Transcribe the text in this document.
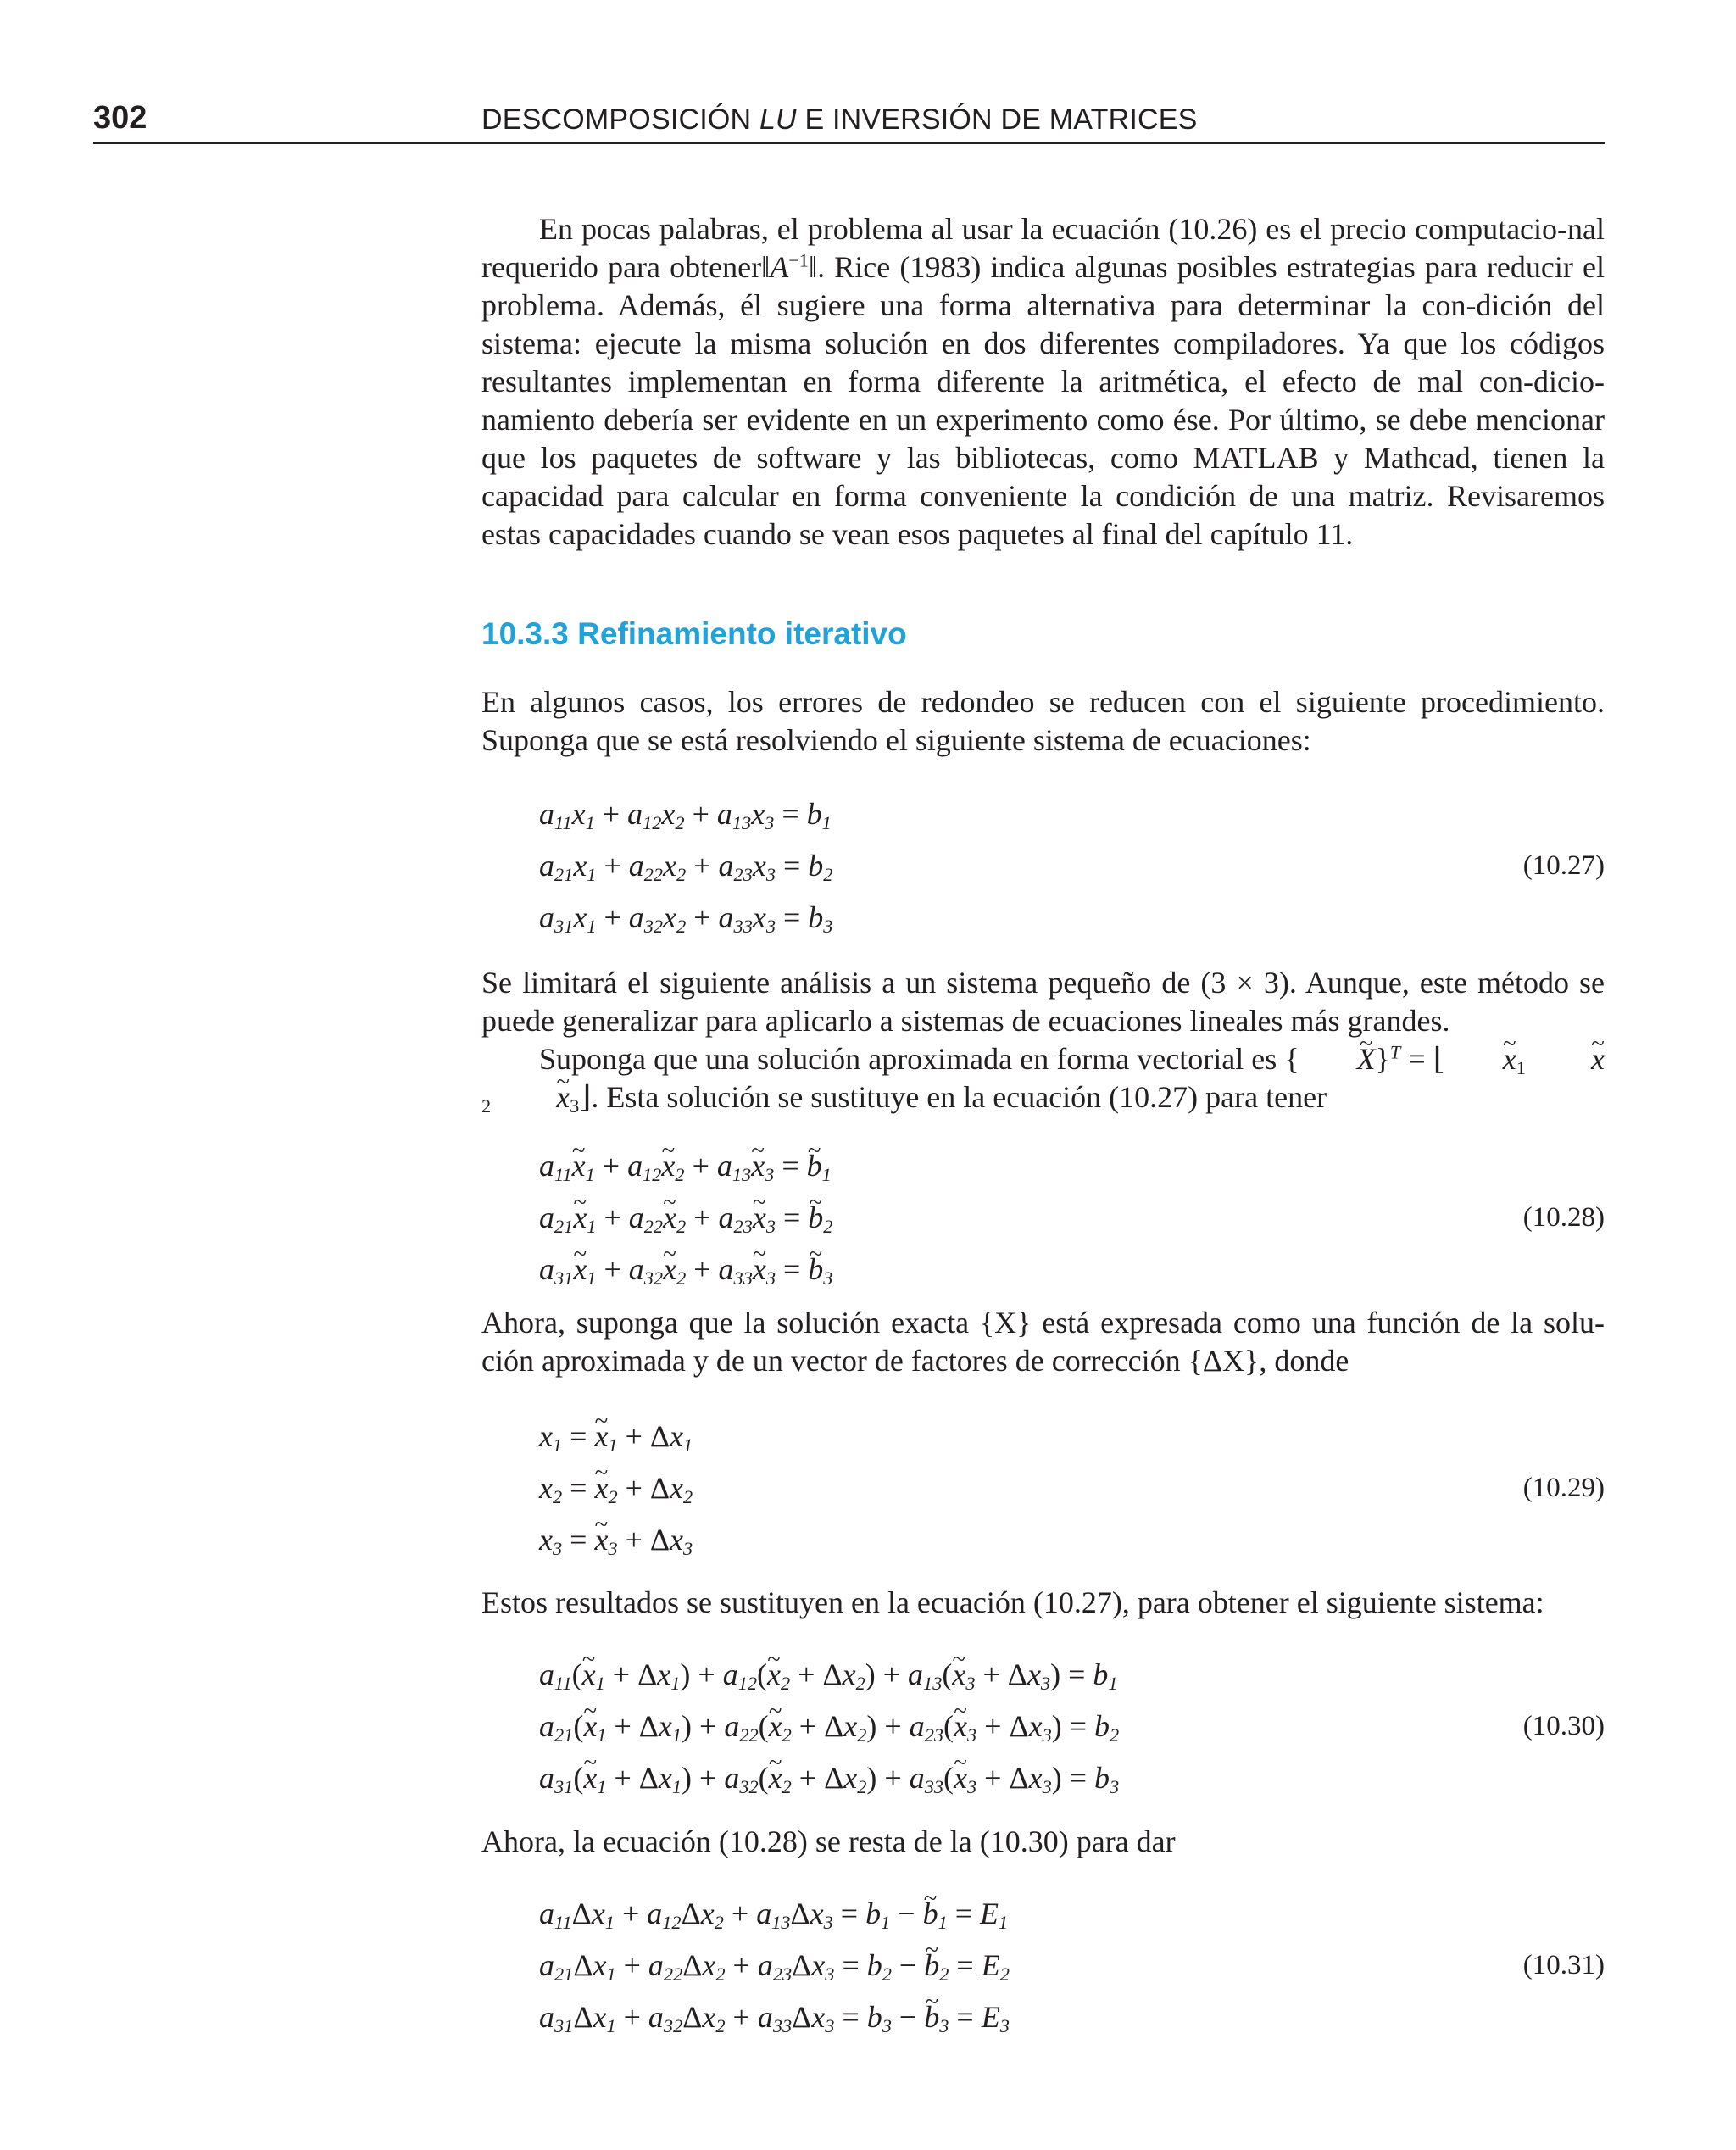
302	DESCOMPOSICIÓN LU E INVERSIÓN DE MATRICES

En pocas palabras, el problema al usar la ecuación (10.26) es el precio computacio-nal requerido para $obtener‖A^{-1}‖$. Rice (1983) indica algunas posibles estrategias para reducir el problema. Además, él sugiere una forma alternativa para determinar la con-dición del sistema: ejecute la misma solución en dos diferentes compiladores. Ya que los códigos resultantes implementan en forma diferente la aritmética, el efecto de mal con-dicio-namiento debería ser evidente en un experimento como ése. Por último, se debe mencionar que los paquetes de software y las bibliotecas, como MATLAB y Mathcad, tienen la capacidad para calcular en forma conveniente la condición de una matriz. Revisaremos estas capacidades cuando se vean esos paquetes al final del capítulo 11.

10.3.3 Refinamiento iterativo

En algunos casos, los errores de redondeo se reducen con el siguiente procedimiento. Suponga que se está resolviendo el siguiente sistema de ecuaciones:

$a_{11}x_1 + a_{12}x_2 + a_{13}x_3 = b_1$
$a_{21}x_1 + a_{22}x_2 + a_{23}x_3 = b_2$	(10.27)
$a_{31}x_1 + a_{32}x_2 + a_{33}x_3 = b_3$

Se limitará el siguiente análisis a un sistema pequeño de (3 × 3). Aunque, este método se puede generalizar para aplicarlo a sistemas de ecuaciones lineales más grandes.

Suponga que una solución aproximada en forma vectorial es { ~ X}$^T$ = ⌊ ~ $x_1$ ~ $x_2$ ~ $x_3⌋$. Esta solución se sustituye en la ecuación (10.27) para tener

$a_{11}\sim$ $x_1$ + $a_{12}\sim$ $x_2$ + $a_{13}\sim$ $x_3$ = ~ $b_1$
$a_{21}\sim$ $x_1$ + $a_{22}\sim$ $x_2$ + $a_{23}\sim$ $x_3$ = ~ $b_2$	(10.28)
$a_{31}\sim$ $x_1$ + $a_{32}\sim$ $x_2$ + $a_{33}\sim$ $x_3$ = ~ $b_3$

Ahora, suponga que la solución exacta {X} está expresada como una función de la solu-ción aproximada y de un vector de factores de corrección {ΔX}, donde

$x_1$ = ~ $x_1 + \Delta x_1$
$x_2$ = ~ $x_2 + \Delta x_2$	(10.29)
$x_3$ = ~ $x_3 + \Delta x_3$

Estos resultados se sustituyen en la ecuación (10.27), para obtener el siguiente sistema:

$a_{11}(\sim$ $x_1 + \Delta x_1$) + $a_{12}(\sim$ $x_2 + \Delta x_2$) + $a_{13}(\sim$ $x_3 + \Delta x_3) = b_1$
$a_{21}(\sim$ $x_1 + \Delta x_1$) + $a_{22}(\sim$ $x_2 + \Delta x_2$) + $a_{23}(\sim$ $x_3 + \Delta x_3) = b_2$	(10.30)
$a_{31}(\sim$ $x_1 + \Delta x_1$) + $a_{32}(\sim$ $x_2 + \Delta x_2$) + $a_{33}(\sim$ $x_3 + \Delta x_3) = b_3$

Ahora, la ecuación (10.28) se resta de la (10.30) para dar

$a_{11}\Delta x_1 + a_{12}\Delta x_2 + a_{13}\Delta x_3 = b_1$ − ~ $b_1 = E_1$
$a_{21}\Delta x_1 + a_{22}\Delta x_2 + a_{23}\Delta x_3 = b_2$ − ~ $b_2 = E_2$	(10.31)
$a_{31}\Delta x_1 + a_{32}\Delta x_2 + a_{33}\Delta x_3 = b_3$ − ~ $b_3 = E_3$
